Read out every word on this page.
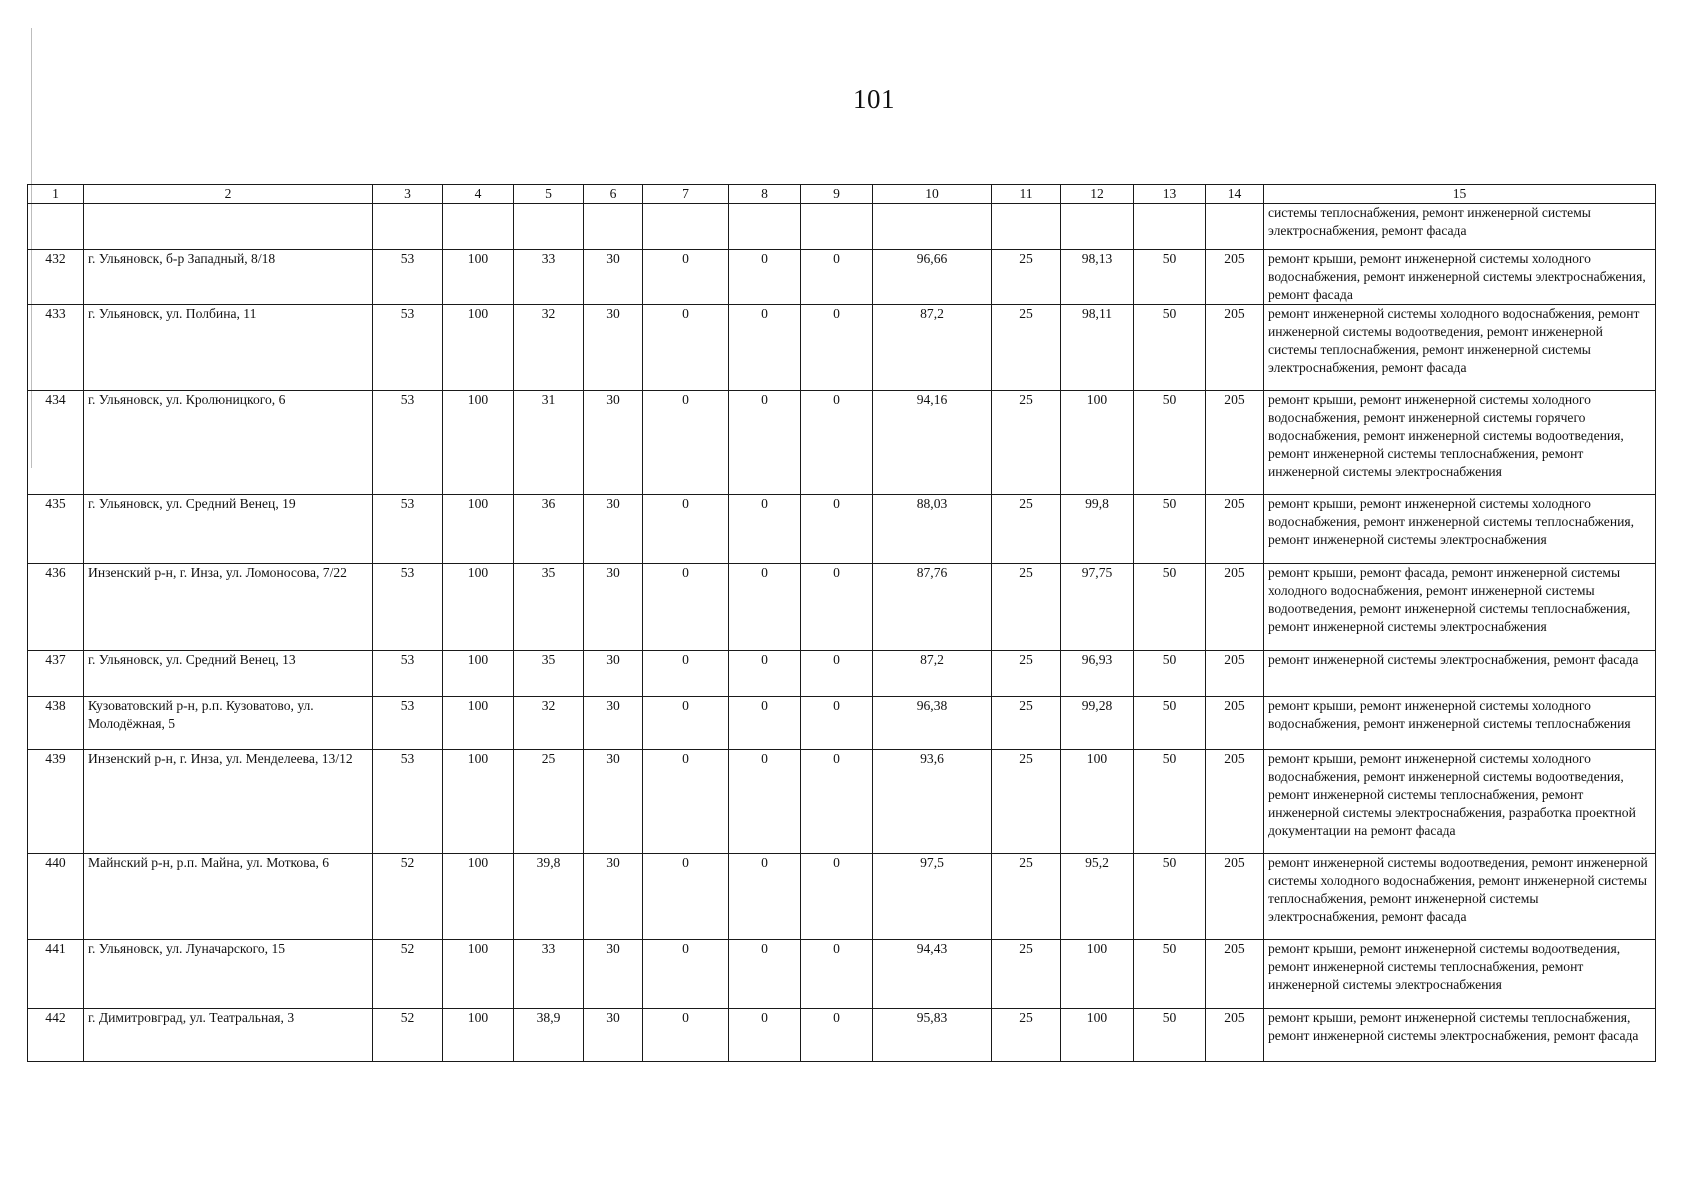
101
1	2	3	4	5	6	7	8	9	10	11	12	13	14	15
														системы теплоснабжения, ремонт инженерной системы электроснабжения, ремонт фасада
432	г. Ульяновск, б-р Западный, 8/18	53	100	33	30	0	0	0	96,66	25	98,13	50	205	ремонт крыши, ремонт инженерной системы холодного водоснабжения, ремонт инженерной системы электроснабжения, ремонт фасада
433	г. Ульяновск, ул. Полбина, 11	53	100	32	30	0	0	0	87,2	25	98,11	50	205	ремонт инженерной системы холодного водоснабжения, ремонт инженерной системы водоотведения, ремонт инженерной системы теплоснабжения, ремонт инженерной системы электроснабжения, ремонт фасада
434	г. Ульяновск, ул. Кролюницкого, 6	53	100	31	30	0	0	0	94,16	25	100	50	205	ремонт крыши, ремонт инженерной системы холодного водоснабжения, ремонт инженерной системы горячего водоснабжения, ремонт инженерной системы водоотведения, ремонт инженерной системы теплоснабжения, ремонт инженерной системы электроснабжения
435	г. Ульяновск, ул. Средний Венец, 19	53	100	36	30	0	0	0	88,03	25	99,8	50	205	ремонт крыши, ремонт инженерной системы холодного водоснабжения, ремонт инженерной системы теплоснабжения, ремонт инженерной системы электроснабжения
436	Инзенский р-н, г. Инза, ул. Ломоносова, 7/22	53	100	35	30	0	0	0	87,76	25	97,75	50	205	ремонт крыши, ремонт фасада, ремонт инженерной системы холодного водоснабжения, ремонт инженерной системы водоотведения, ремонт инженерной системы теплоснабжения, ремонт инженерной системы электроснабжения
437	г. Ульяновск, ул. Средний Венец, 13	53	100	35	30	0	0	0	87,2	25	96,93	50	205	ремонт инженерной системы электроснабжения, ремонт фасада
438	Кузоватовский р-н, р.п. Кузоватово, ул. Молодёжная, 5	53	100	32	30	0	0	0	96,38	25	99,28	50	205	ремонт крыши, ремонт инженерной системы холодного водоснабжения, ремонт инженерной системы теплоснабжения
439	Инзенский р-н, г. Инза, ул. Менделеева, 13/12	53	100	25	30	0	0	0	93,6	25	100	50	205	ремонт крыши, ремонт инженерной системы холодного водоснабжения, ремонт инженерной системы водоотведения, ремонт инженерной системы теплоснабжения, ремонт инженерной системы электроснабжения, разработка проектной документации на ремонт фасада
440	Майнский р-н, р.п. Майна, ул. Моткова, 6	52	100	39,8	30	0	0	0	97,5	25	95,2	50	205	ремонт инженерной системы водоотведения, ремонт инженерной системы холодного водоснабжения, ремонт инженерной системы теплоснабжения, ремонт инженерной системы электроснабжения, ремонт фасада
441	г. Ульяновск, ул. Луначарского, 15	52	100	33	30	0	0	0	94,43	25	100	50	205	ремонт крыши, ремонт инженерной системы водоотведения, ремонт инженерной системы теплоснабжения, ремонт инженерной системы электроснабжения
442	г. Димитровград, ул. Театральная, 3	52	100	38,9	30	0	0	0	95,83	25	100	50	205	ремонт крыши, ремонт инженерной системы теплоснабжения, ремонт инженерной системы электроснабжения, ремонт фасада
